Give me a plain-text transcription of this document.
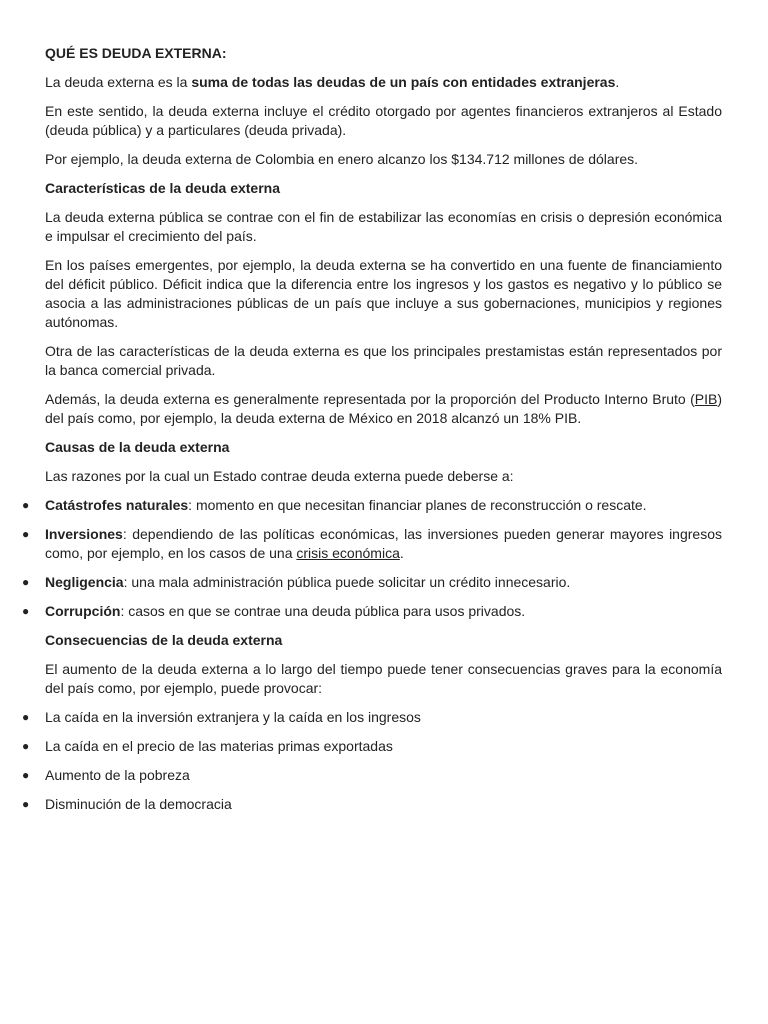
QUÉ ES DEUDA EXTERNA:

La deuda externa es la suma de todas las deudas de un país con entidades extranjeras.

En este sentido, la deuda externa incluye el crédito otorgado por agentes financieros extranjeros al Estado (deuda pública) y a particulares (deuda privada).

Por ejemplo, la deuda externa de Colombia en enero alcanzo los $134.712 millones de dólares.

Características de la deuda externa

La deuda externa pública se contrae con el fin de estabilizar las economías en crisis o depresión económica e impulsar el crecimiento del país.

En los países emergentes, por ejemplo, la deuda externa se ha convertido en una fuente de financiamiento del déficit público. Déficit indica que la diferencia entre los ingresos y los gastos es negativo y lo público se asocia a las administraciones públicas de un país que incluye a sus gobernaciones, municipios y regiones autónomas.

Otra de las características de la deuda externa es que los principales prestamistas están representados por la banca comercial privada.

Además, la deuda externa es generalmente representada por la proporción del Producto Interno Bruto (PIB) del país como, por ejemplo, la deuda externa de México en 2018 alcanzó un 18% PIB.

Causas de la deuda externa

Las razones por la cual un Estado contrae deuda externa puede deberse a:

● Catástrofes naturales: momento en que necesitan financiar planes de reconstrucción o rescate.
● Inversiones: dependiendo de las políticas económicas, las inversiones pueden generar mayores ingresos como, por ejemplo, en los casos de una crisis económica.
● Negligencia: una mala administración pública puede solicitar un crédito innecesario.
● Corrupción: casos en que se contrae una deuda pública para usos privados.

Consecuencias de la deuda externa

El aumento de la deuda externa a lo largo del tiempo puede tener consecuencias graves para la economía del país como, por ejemplo, puede provocar:

● La caída en la inversión extranjera y la caída en los ingresos
● La caída en el precio de las materias primas exportadas
● Aumento de la pobreza
● Disminución de la democracia
